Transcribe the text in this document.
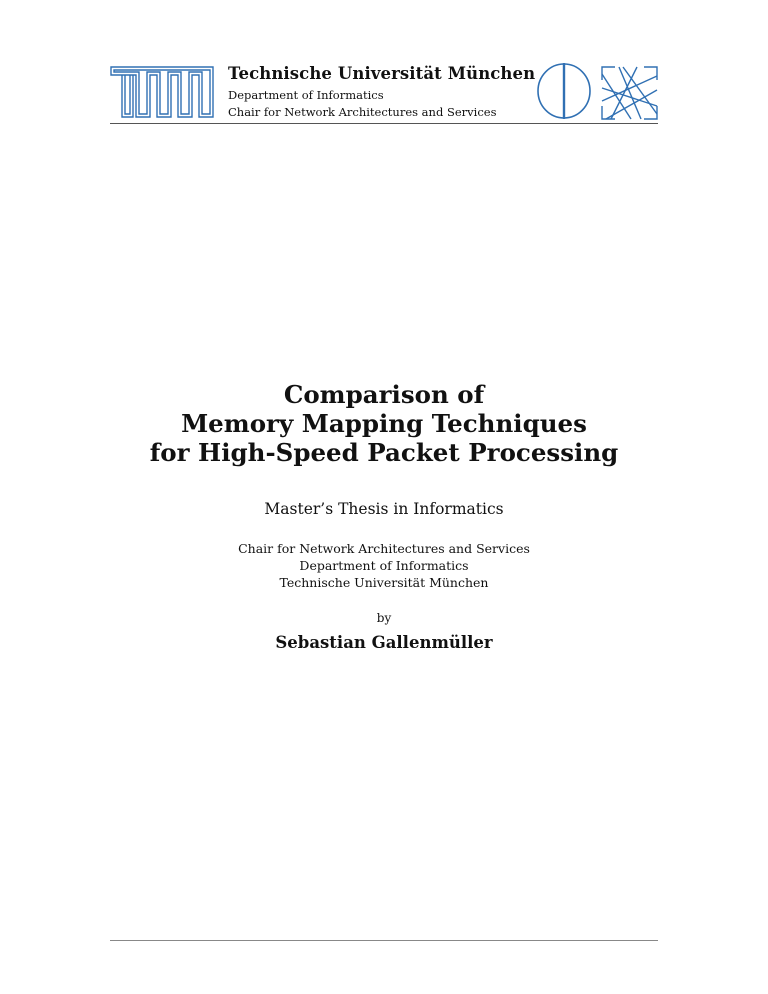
Technische Universität München

Department of Informatics

Chair for Network Architectures and Services

Comparison of

Memory Mapping Techniques

for High-Speed Packet Processing

Master’s Thesis in Informatics

Chair for Network Architectures and Services

Department of Informatics

Technische Universität München

by

Sebastian Gallenmüller
